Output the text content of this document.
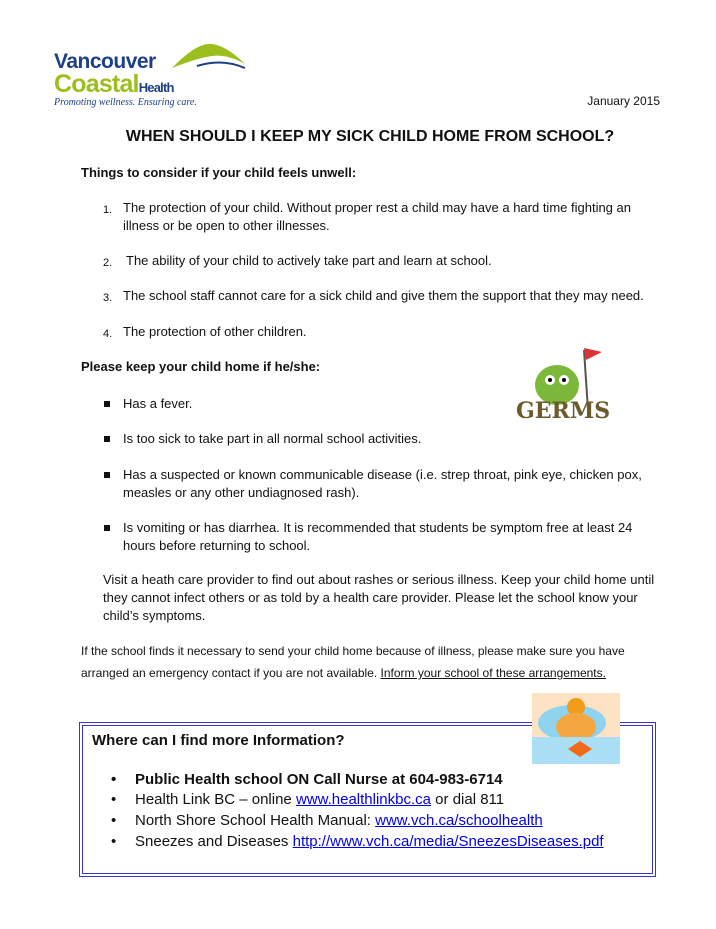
Vancouver
CoastalHealth
Promoting wellness. Ensuring care.	January 2015
WHEN SHOULD I KEEP MY SICK CHILD HOME FROM SCHOOL?
Things to consider if your child feels unwell:
1. The protection of your child. Without proper rest a child may have a hard time fighting an illness or be open to other illnesses.
2. The ability of your child to actively take part and learn at school.
3. The school staff cannot care for a sick child and give them the support that they may need.
4. The protection of other children.
Please keep your child home if he/she:
GERMS
Has a fever.
Is too sick to take part in all normal school activities.
Has a suspected or known communicable disease (i.e. strep throat, pink eye, chicken pox, measles or any other undiagnosed rash).
Is vomiting or has diarrhea. It is recommended that students be symptom free at least 24 hours before returning to school.
Visit a heath care provider to find out about rashes or serious illness. Keep your child home until they cannot infect others or as told by a health care provider. Please let the school know your child’s symptoms.
If the school finds it necessary to send your child home because of illness, please make sure you have arranged an emergency contact if you are not available. Inform your school of these arrangements.
Where can I find more Information?
• Public Health school ON Call Nurse at 604-983-6714
• Health Link BC – online www.healthlinkbc.ca or dial 811
• North Shore School Health Manual: www.vch.ca/schoolhealth
• Sneezes and Diseases http://www.vch.ca/media/SneezesDiseases.pdf
